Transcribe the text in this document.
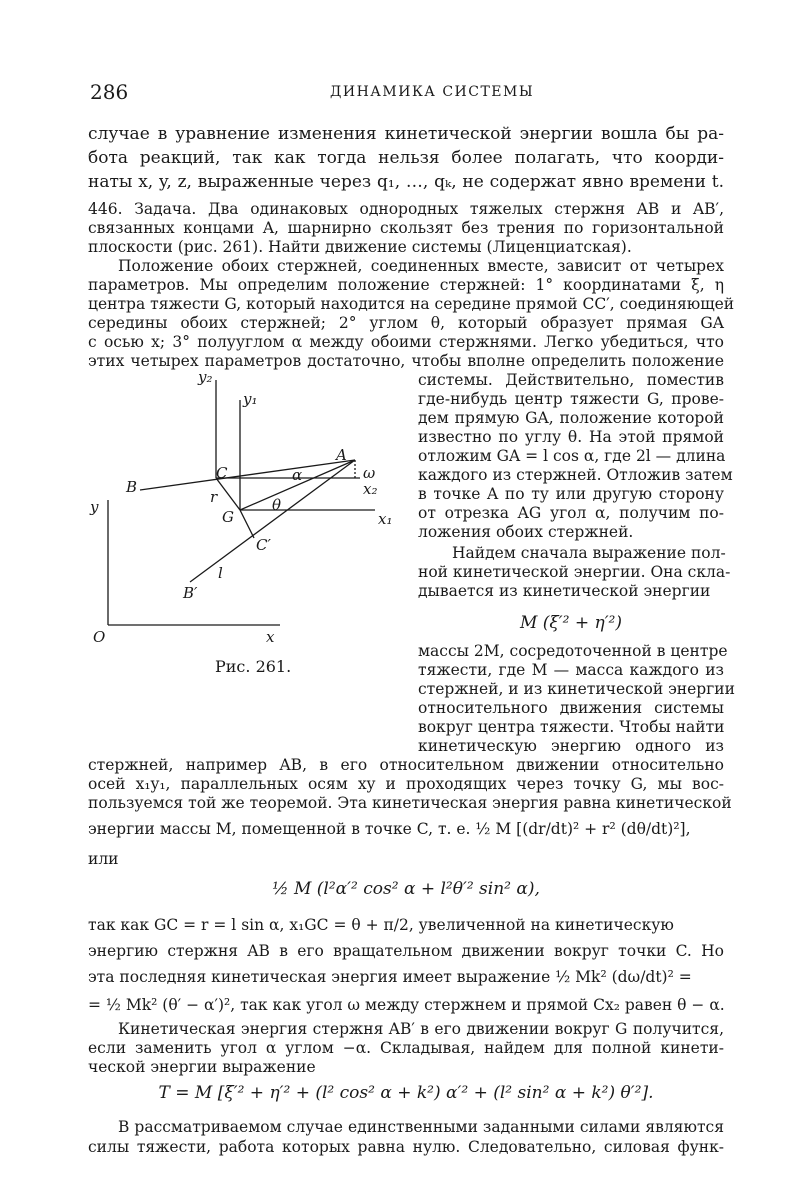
286	ДИНАМИКА СИСТЕМЫ
случае в уравнение изменения кинетической энергии вошла бы ра-
бота реакций, так как тогда нельзя более полагать, что коорди-
наты x, y, z, выраженные через q₁, …, qₖ, не содержат явно времени t.
446. Задача. Два одинаковых однородных тяжелых стержня AB и AB′,
связанных концами A, шарнирно скользят без трения по горизонтальной
плоскости (рис. 261). Найти движение системы (Лиценциатская).
Положение обоих стержней, соединенных вместе, зависит от четырех
параметров. Мы определим положение стержней: 1° координатами ξ, η
центра тяжести G, который находится на середине прямой CC′, соединяющей
середины обоих стержней; 2° углом θ, который образует прямая GA
с осью x; 3° полууглом α между обоими стержнями. Легко убедиться, что
этих четырех параметров достаточно, чтобы вполне определить положение
системы. Действительно, поместив
где-нибудь центр тяжести G, прове-
дем прямую GA, положение которой
известно по углу θ. На этой прямой
отложим GA = l cos α, где 2l — длина
каждого из стержней. Отложив затем
в точке A по ту или другую сторону
от отрезка AG угол α, получим по-
ложения обоих стержней.
Найдем сначала выражение пол-
ной кинетической энергии. Она скла-
дывается из кинетической энергии
M (ξ′² + η′²)
массы 2M, сосредоточенной в центре
тяжести, где M — масса каждого из
стержней, и из кинетической энергии
относительного движения системы
вокруг центра тяжести. Чтобы найти
кинетическую энергию одного из
y₂
y₁
y
B
C
A
α	ω
x₂
r
G
θ
x₁
C′
l
B′
O	x
Рис. 261.
стержней, например AB, в его относительном движении относительно
осей x₁y₁, параллельных осям xy и проходящих через точку G, мы вос-
пользуемся той же теоремой. Эта кинетическая энергия равна кинетической
энергии массы M, помещенной в точке C, т. е. ½ M [(dr/dt)² + r² (dθ/dt)²],
или
½ M (l²α′² cos² α + l²θ′² sin² α),
так как GC = r = l sin α, x₁GC = θ + π/2, увеличенной на кинетическую
энергию стержня AB в его вращательном движении вокруг точки C. Но
эта последняя кинетическая энергия имеет выражение ½ Mk² (dω/dt)² =
= ½ Mk² (θ′ − α′)², так как угол ω между стержнем и прямой Cx₂ равен θ − α.
Кинетическая энергия стержня AB′ в его движении вокруг G получится,
если заменить угол α углом −α. Складывая, найдем для полной кинети-
ческой энергии выражение
T = M [ξ′² + η′² + (l² cos² α + k²) α′² + (l² sin² α + k²) θ′²].
В рассматриваемом случае единственными заданными силами являются
силы тяжести, работа которых равна нулю. Следовательно, силовая функ-
